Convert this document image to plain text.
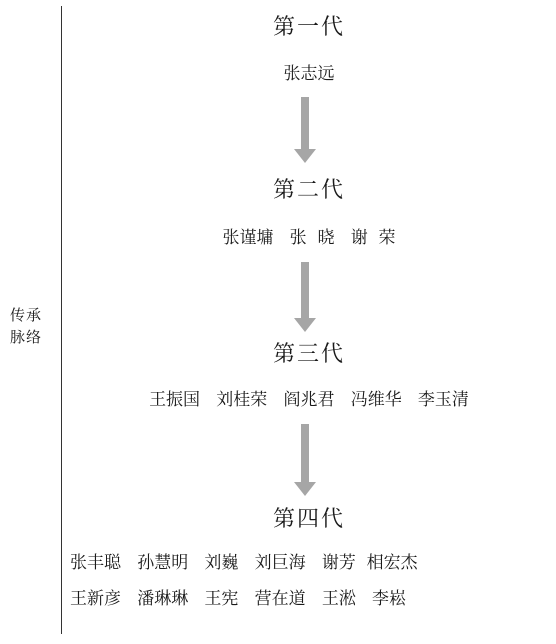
传承
脉络
第一代
张志远
第二代
张谨墉   张  晓   谢  荣
第三代
王振国   刘桂荣   阎兆君   冯维华   李玉清
第四代
张丰聪   孙慧明   刘巍   刘巨海   谢芳  相宏杰
王新彦   潘琳琳   王宪   营在道   王淞   李崧
